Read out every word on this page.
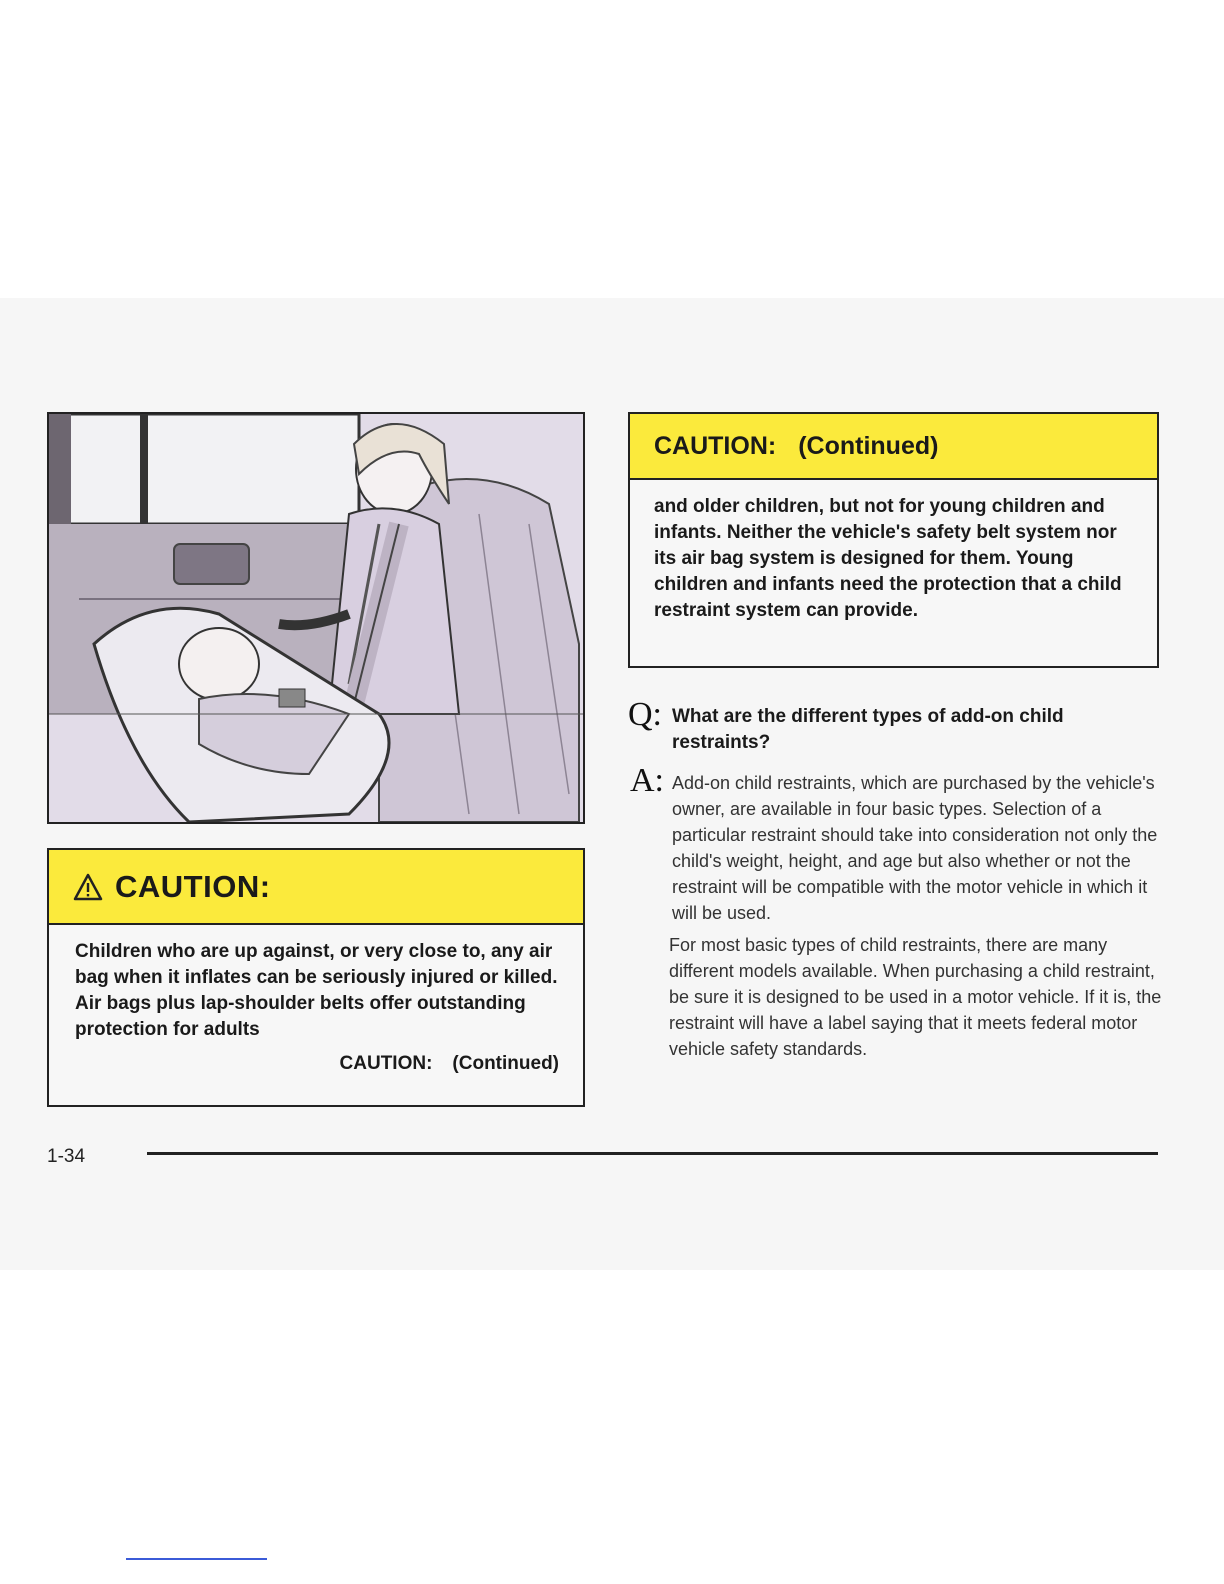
CAUTION:
Children who are up against, or very close to, any air bag when it inflates can be seriously injured or killed. Air bags plus lap-shoulder belts offer outstanding protection for adults
CAUTION: (Continued)
CAUTION: (Continued)
and older children, but not for young children and infants. Neither the vehicle's safety belt system nor its air bag system is designed for them. Young children and infants need the protection that a child restraint system can provide.
Q: What are the different types of add-on child restraints?
A: Add-on child restraints, which are purchased by the vehicle's owner, are available in four basic types. Selection of a particular restraint should take into consideration not only the child's weight, height, and age but also whether or not the restraint will be compatible with the motor vehicle in which it will be used.

For most basic types of child restraints, there are many different models available. When purchasing a child restraint, be sure it is designed to be used in a motor vehicle. If it is, the restraint will have a label saying that it meets federal motor vehicle safety standards.

1-34
